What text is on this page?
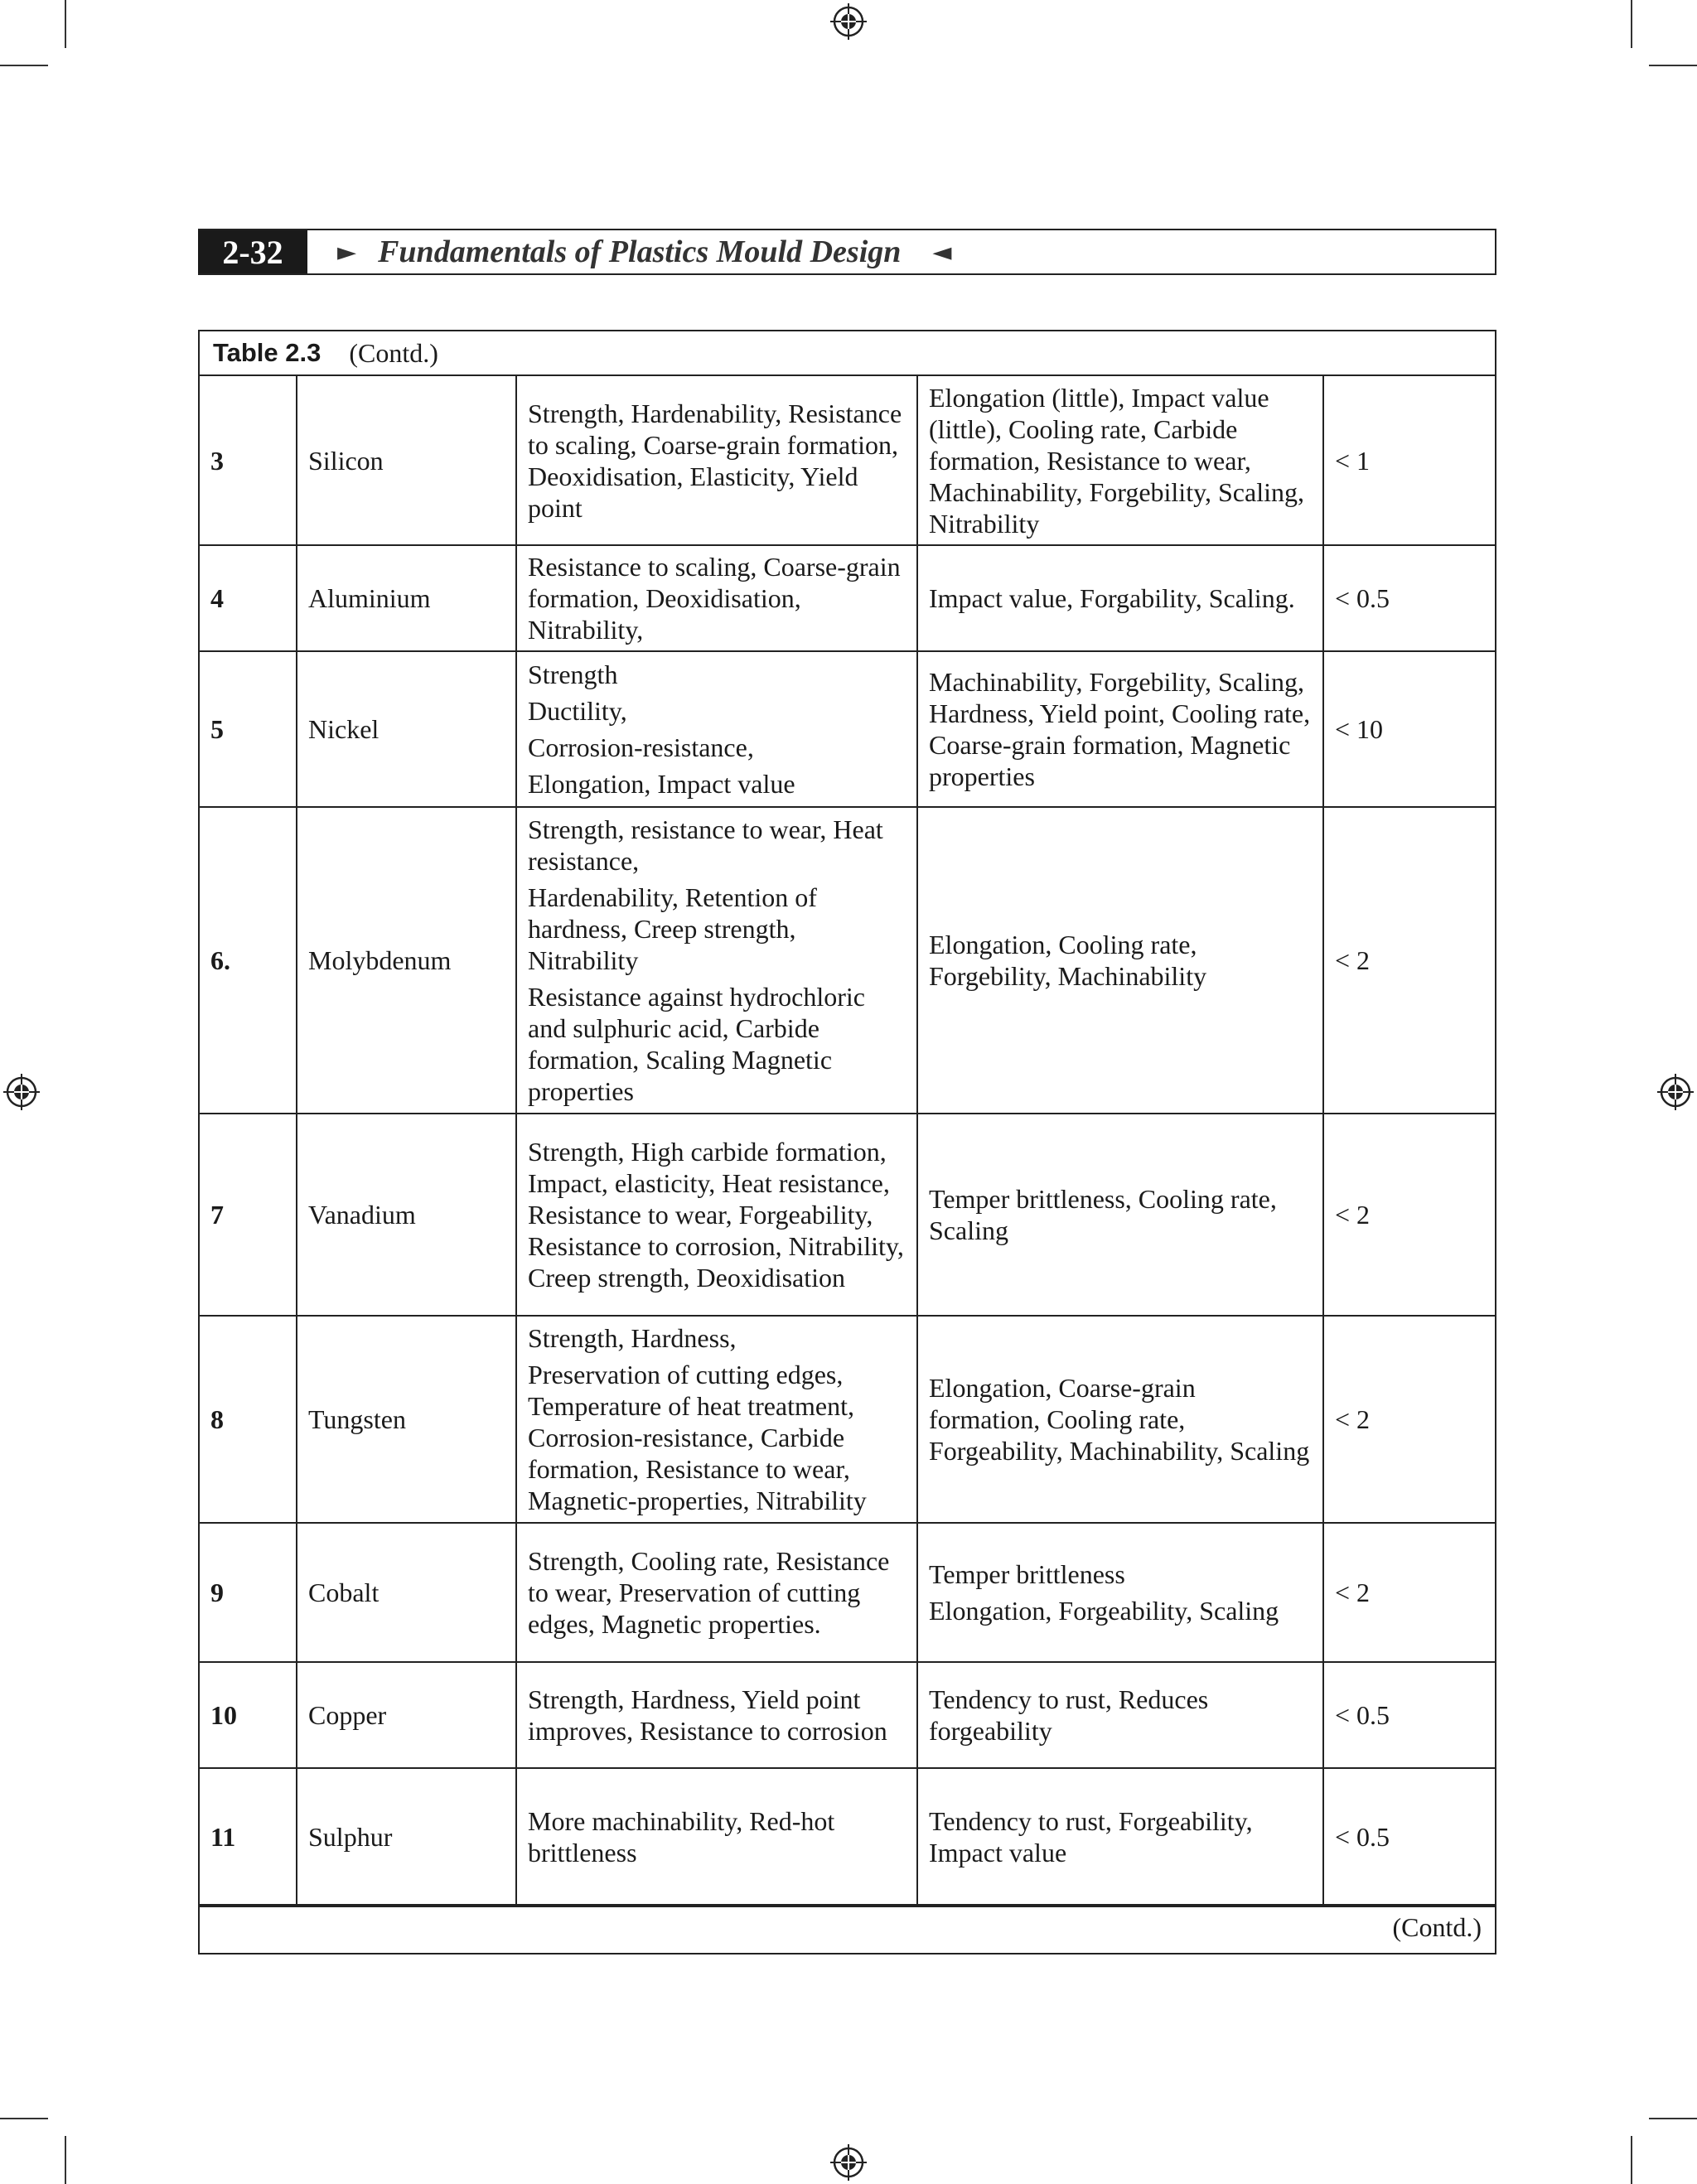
2-32	► Fundamentals of Plastics Mould Design ◄
Table 2.3 (Contd.)
3	Silicon	Strength, Hardenability, Resistance to scaling, Coarse-grain formation, Deoxidisation, Elasticity, Yield point	Elongation (little), Impact value (little), Cooling rate, Carbide formation, Resistance to wear, Machinability, Forgebility, Scaling, Nitrability	< 1
4	Aluminium	Resistance to scaling, Coarse-grain formation, Deoxidisation, Nitrability,	Impact value, Forgability, Scaling.	< 0.5
5	Nickel	Strength
Ductility,
Corrosion-resistance,
Elongation, Impact value	Machinability, Forgebility, Scaling, Hardness, Yield point, Cooling rate, Coarse-grain formation, Magnetic properties	< 10
6.	Molybdenum	Strength, resistance to wear, Heat resistance,
Hardenability, Retention of hardness, Creep strength, Nitrability
Resistance against hydrochloric and sulphuric acid, Carbide formation, Scaling Magnetic properties	Elongation, Cooling rate, Forgebility, Machinability	< 2
7	Vanadium	Strength, High carbide formation, Impact, elasticity, Heat resistance, Resistance to wear, Forgeability, Resistance to corrosion, Nitrability, Creep strength, Deoxidisation	Temper brittleness, Cooling rate, Scaling	< 2
8	Tungsten	Strength, Hardness,
Preservation of cutting edges, Temperature of heat treatment, Corrosion-resistance, Carbide formation, Resistance to wear, Magnetic-properties, Nitrability	Elongation, Coarse-grain formation, Cooling rate, Forgeability, Machinability, Scaling	< 2
9	Cobalt	Strength, Cooling rate, Resistance to wear, Preservation of cutting edges, Magnetic properties.	Temper brittleness
Elongation, Forgeability, Scaling	< 2
10	Copper	Strength, Hardness, Yield point improves, Resistance to corrosion	Tendency to rust, Reduces forgeability	< 0.5
11	Sulphur	More machinability, Red-hot brittleness	Tendency to rust, Forgeability, Impact value	< 0.5
(Contd.)
